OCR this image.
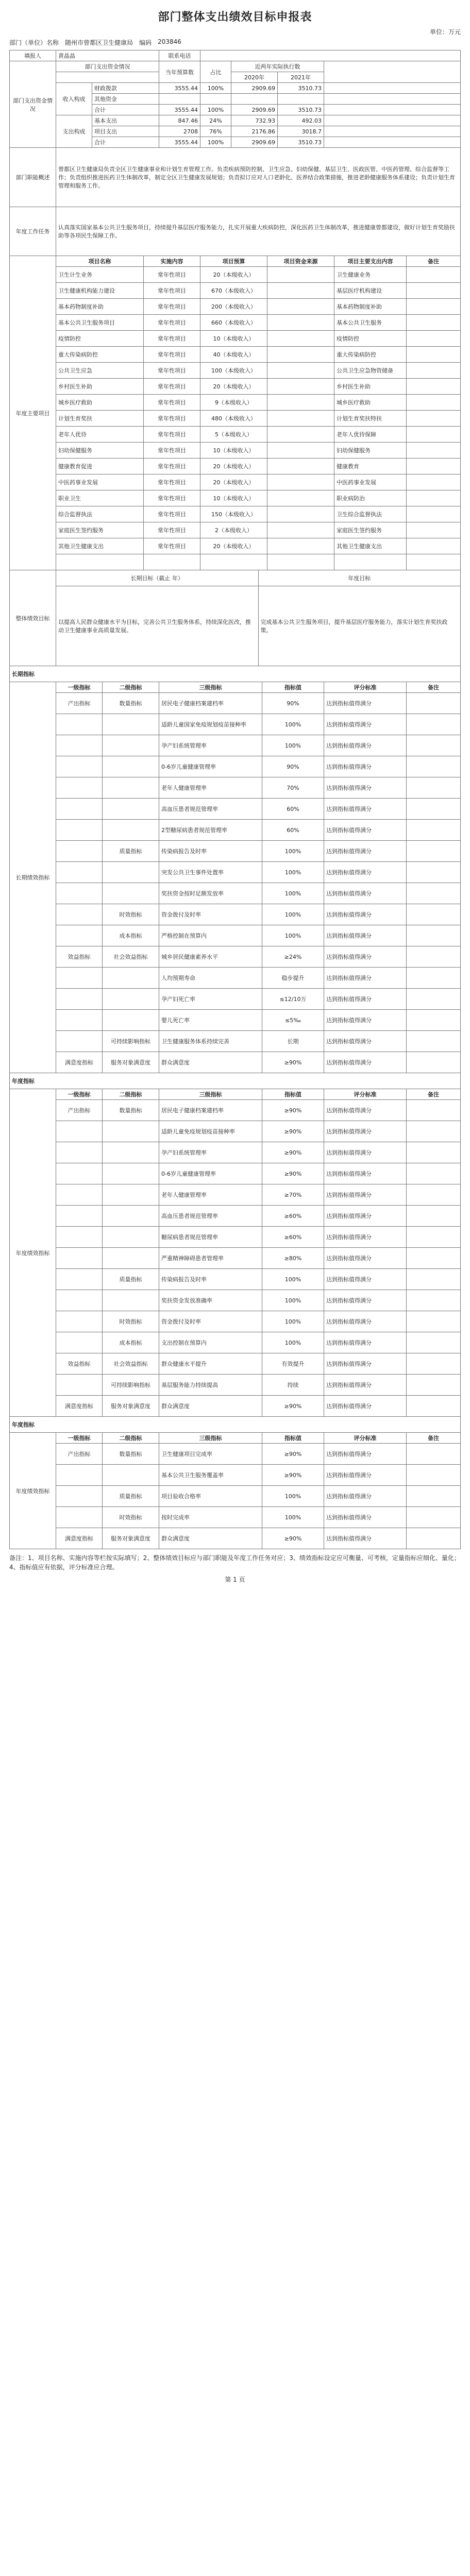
部门整体支出绩效目标申报表
单位：万元
部门（单位）名称 随州市曾都区卫生健康局 编码 203846
填报人	黄晶晶		联系电话				
部门支出资金情况	部门支出资金情况		当年预算数	占比	近两年实际执行数		
					2020年	2021年	
	收入构成	财政拨款	3555.44	100%	2909.69	3510.73	
		其他资金					
		合计	3555.44	100%	2909.69	3510.73	
	支出构成	基本支出	847.46	24%	732.93	492.03	
		项目支出	2708	76%	2176.86	3018.7	
		合计	3555.44	100%	2909.69	3510.73	
部门职能概述	曾都区卫生健康局负责全区卫生健康事业和计划生育管理工作。负责疾病预防控制、卫生应急、妇幼保健、基层卫生、医政医管、中医药管理、综合监督等工作；负责组织推进医药卫生体制改革，制定全区卫生健康发展规划；负责拟订应对人口老龄化、医养结合政策措施，推进老龄健康服务体系建设；负责计划生育管理和服务工作。						
年度工作任务	认真落实国家基本公共卫生服务项目，持续提升基层医疗服务能力，扎实开展重大疾病防控，深化医药卫生体制改革，推进健康曾都建设，做好计划生育奖励扶助等各项民生保障工作。						
年度主要项目	项目名称	实施内容	项目预算	项目资金来源	项目主要支出内容	备注
	卫生计生业务	常年性项目	20（本级收入）		卫生健康业务	
	卫生健康机构能力建设	常年性项目	670（本级收入）		基层医疗机构建设	
	基本药物制度补助	常年性项目	200（本级收入）		基本药物制度补助	
	基本公共卫生服务项目	常年性项目	660（本级收入）		基本公共卫生服务	
	疫情防控	常年性项目	10（本级收入）		疫情防控	
	重大传染病防控	常年性项目	40（本级收入）		重大传染病防控	
	公共卫生应急	常年性项目	100（本级收入）		公共卫生应急物资储备	
	乡村医生补助	常年性项目	20（本级收入）		乡村医生补助	
	城乡医疗救助	常年性项目	9（本级收入）		城乡医疗救助	
	计划生育奖扶	常年性项目	480（本级收入）		计划生育奖扶特扶	
	老年人优待	常年性项目	5（本级收入）		老年人优待保障	
	妇幼保健服务	常年性项目	10（本级收入）		妇幼保健服务	
	健康教育促进	常年性项目	20（本级收入）		健康教育	
	中医药事业发展	常年性项目	20（本级收入）		中医药事业发展	
	职业卫生	常年性项目	10（本级收入）		职业病防治	
	综合监督执法	常年性项目	150（本级收入）		卫生综合监督执法	
	家庭医生签约服务	常年性项目	2（本级收入）		家庭医生签约服务	
	其他卫生健康支出	常年性项目	20（本级收入）		其他卫生健康支出	

整体绩效目标	长期目标（截止 年）	年度目标
	以提高人民群众健康水平为目标，完善公共卫生服务体系，持续深化医改，推动卫生健康事业高质量发展。	完成基本公共卫生服务项目，提升基层医疗服务能力，落实计划生育奖扶政策。
长期指标						
长期绩效指标	一级指标	二级指标	三级指标	指标值	评分标准	备注
	产出指标	数量指标	居民电子健康档案建档率	90%	达到指标值得满分	
			适龄儿童国家免疫规划疫苗接种率	100%	达到指标值得满分	
			孕产妇系统管理率	100%	达到指标值得满分	
			0-6岁儿童健康管理率	90%	达到指标值得满分	
			老年人健康管理率	70%	达到指标值得满分	
			高血压患者规范管理率	60%	达到指标值得满分	
			2型糖尿病患者规范管理率	60%	达到指标值得满分	
		质量指标	传染病报告及时率	100%	达到指标值得满分	
			突发公共卫生事件处置率	100%	达到指标值得满分	
			奖扶资金按时足额发放率	100%	达到指标值得满分	
		时效指标	资金拨付及时率	100%	达到指标值得满分	
		成本指标	严格控制在预算内	100%	达到指标值得满分	
	效益指标	社会效益指标	城乡居民健康素养水平	≥24%	达到指标值得满分	
			人均预期寿命	稳步提升	达到指标值得满分	
			孕产妇死亡率	≤12/10万	达到指标值得满分	
			婴儿死亡率	≤5‰	达到指标值得满分	
		可持续影响指标	卫生健康服务体系持续完善	长期	达到指标值得满分	
	满意度指标	服务对象满意度	群众满意度	≥90%	达到指标值得满分	
年度指标						
年度绩效指标	一级指标	二级指标	三级指标	指标值	评分标准	备注
	产出指标	数量指标	居民电子健康档案建档率	≥90%	达到指标值得满分	
			适龄儿童免疫规划疫苗接种率	≥90%	达到指标值得满分	
			孕产妇系统管理率	≥90%	达到指标值得满分	
			0-6岁儿童健康管理率	≥90%	达到指标值得满分	
			老年人健康管理率	≥70%	达到指标值得满分	
			高血压患者规范管理率	≥60%	达到指标值得满分	
			糖尿病患者规范管理率	≥60%	达到指标值得满分	
			严重精神障碍患者管理率	≥80%	达到指标值得满分	
		质量指标	传染病报告及时率	100%	达到指标值得满分	
			奖扶资金发放准确率	100%	达到指标值得满分	
		时效指标	资金拨付及时率	100%	达到指标值得满分	
		成本指标	支出控制在预算内	100%	达到指标值得满分	
	效益指标	社会效益指标	群众健康水平提升	有效提升	达到指标值得满分	
		可持续影响指标	基层服务能力持续提高	持续	达到指标值得满分	
	满意度指标	服务对象满意度	群众满意度	≥90%	达到指标值得满分	
年度指标						
年度绩效指标	一级指标	二级指标	三级指标	指标值	评分标准	备注
	产出指标	数量指标	卫生健康项目完成率	≥90%	达到指标值得满分	
			基本公共卫生服务覆盖率	≥90%	达到指标值得满分	
		质量指标	项目验收合格率	100%	达到指标值得满分	
		时效指标	按时完成率	100%	达到指标值得满分	
	满意度指标	服务对象满意度	群众满意度	≥90%	达到指标值得满分	
备注：1、项目名称、实施内容等栏按实际填写；2、整体绩效目标应与部门职能及年度工作任务对应；3、绩效指标设定应可衡量、可考核，定量指标应细化、量化；4、指标值应有依据，评分标准应合理。
第 1 页
